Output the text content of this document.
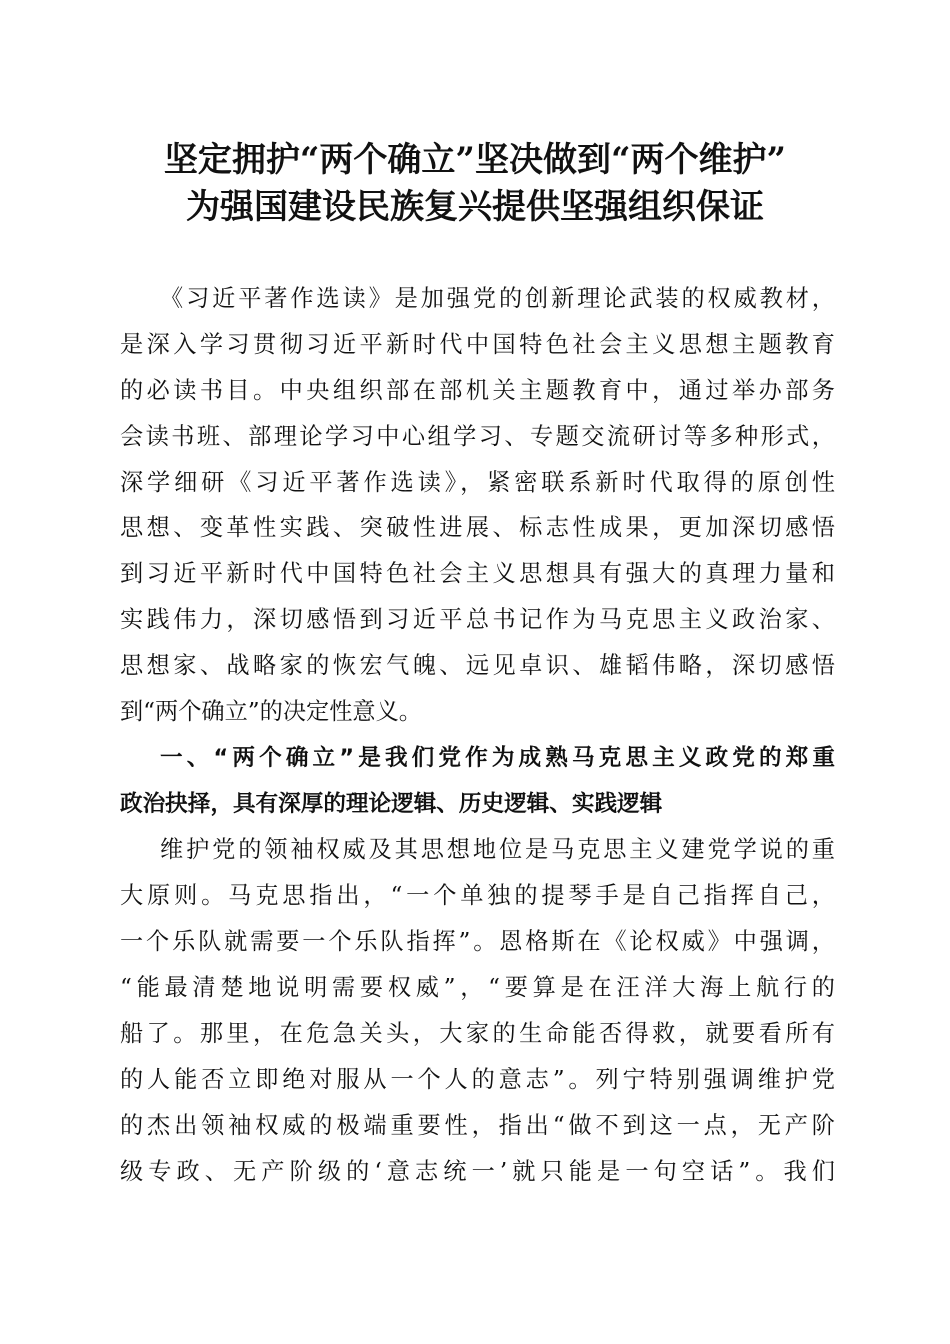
坚定拥护“两个确立”坚决做到“两个维护”
为强国建设民族复兴提供坚强组织保证

《习近平著作选读》是加强党的创新理论武装的权威教材，

是深入学习贯彻习近平新时代中国特色社会主义思想主题教育

的必读书目。中央组织部在部机关主题教育中，通过举办部务

会读书班、部理论学习中心组学习、专题交流研讨等多种形式，

深学细研《习近平著作选读》，紧密联系新时代取得的原创性

思想、变革性实践、突破性进展、标志性成果，更加深切感悟

到习近平新时代中国特色社会主义思想具有强大的真理力量和

实践伟力，深切感悟到习近平总书记作为马克思主义政治家、

思想家、战略家的恢宏气魄、远见卓识、雄韬伟略，深切感悟

到“两个确立”的决定性意义。

一、“两个确立”是我们党作为成熟马克思主义政党的郑重

政治抉择，具有深厚的理论逻辑、历史逻辑、实践逻辑

维护党的领袖权威及其思想地位是马克思主义建党学说的重

大原则。马克思指出，“一个单独的提琴手是自己指挥自己，

一个乐队就需要一个乐队指挥”。恩格斯在《论权威》中强调，

“能最清楚地说明需要权威”，“要算是在汪洋大海上航行的

船了。那里，在危急关头，大家的生命能否得救，就要看所有

的人能否立即绝对服从一个人的意志”。列宁特别强调维护党

的杰出领袖权威的极端重要性，指出“做不到这一点，无产阶

级专政、无产阶级的‘意志统一’就只能是一句空话”。我们
